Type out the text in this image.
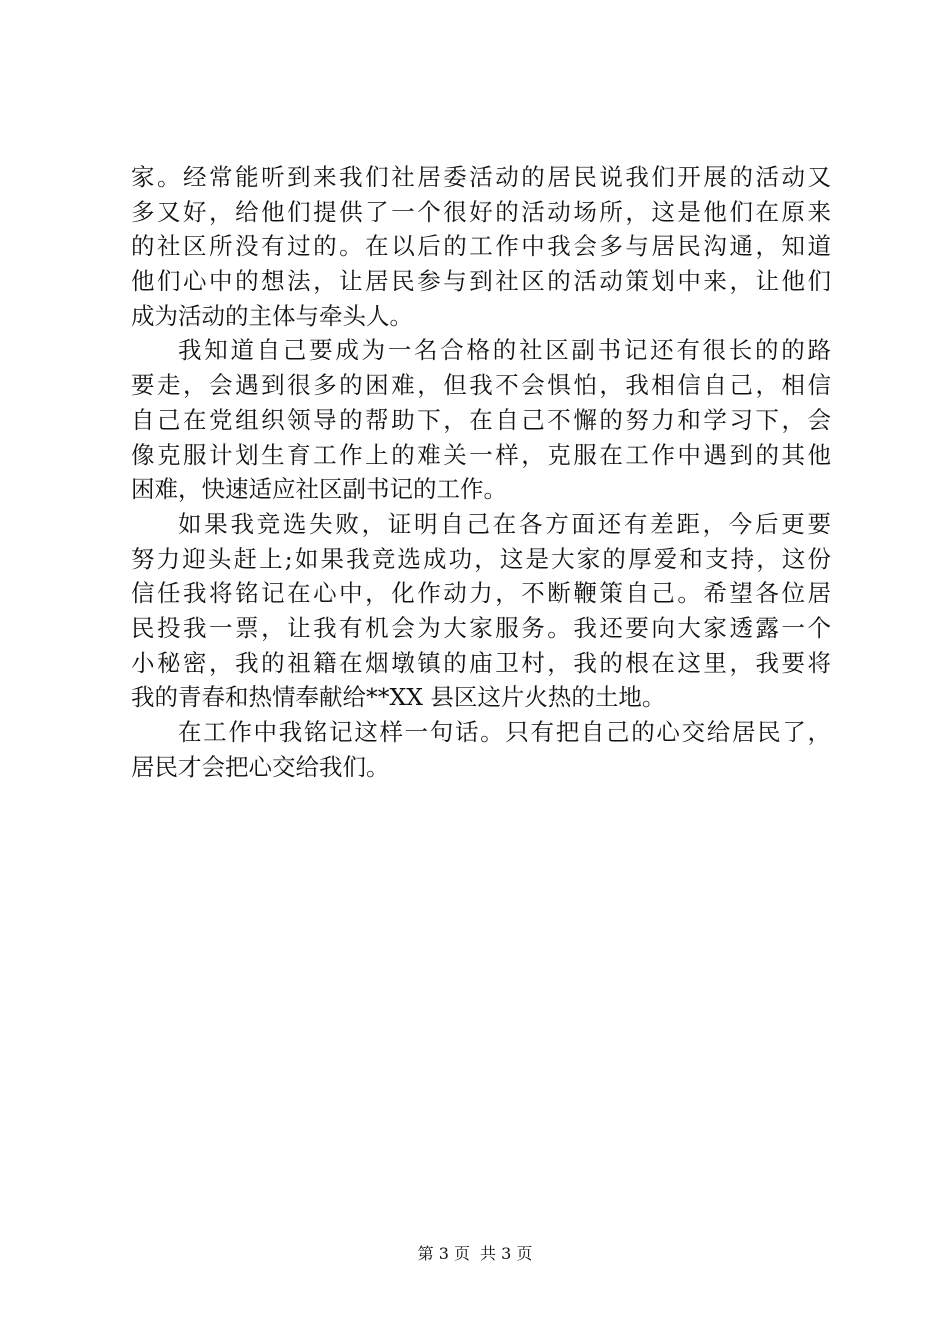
家。经常能听到来我们社居委活动的居民说我们开展的活动又
多又好，给他们提供了一个很好的活动场所，这是他们在原来
的社区所没有过的。在以后的工作中我会多与居民沟通，知道
他们心中的想法，让居民参与到社区的活动策划中来，让他们
成为活动的主体与牵头人。
我知道自己要成为一名合格的社区副书记还有很长的的路
要走，会遇到很多的困难，但我不会惧怕，我相信自己，相信
自己在党组织领导的帮助下，在自己不懈的努力和学习下，会
像克服计划生育工作上的难关一样，克服在工作中遇到的其他
困难，快速适应社区副书记的工作。
如果我竞选失败，证明自己在各方面还有差距，今后更要
努力迎头赶上;如果我竞选成功，这是大家的厚爱和支持，这份
信任我将铭记在心中，化作动力，不断鞭策自己。希望各位居
民投我一票，让我有机会为大家服务。我还要向大家透露一个
小秘密，我的祖籍在烟墩镇的庙卫村，我的根在这里，我要将
我的青春和热情奉献给**XX 县区这片火热的土地。
在工作中我铭记这样一句话。只有把自己的心交给居民了，
居民才会把心交给我们。
第 3 页 共 3 页
